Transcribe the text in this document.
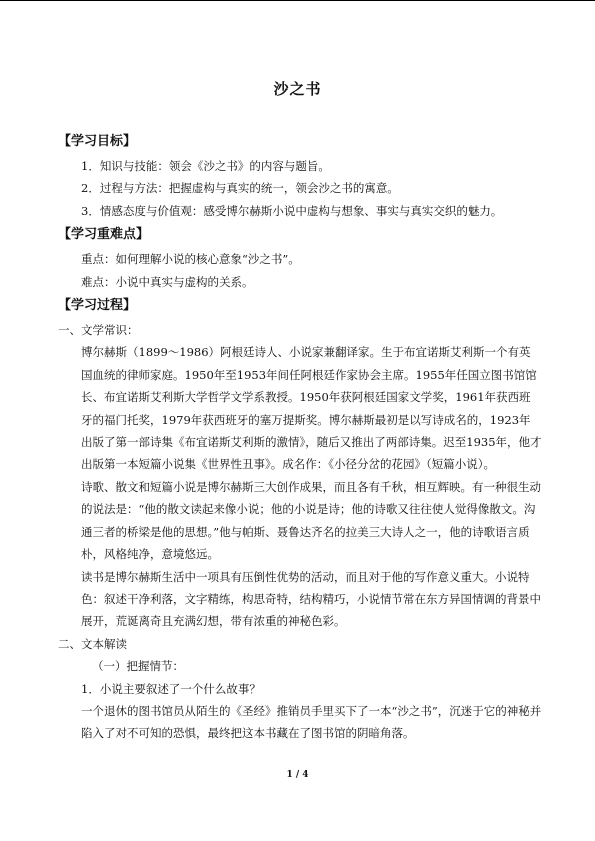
沙之书

【学习目标】

1．知识与技能：领会《沙之书》的内容与题旨。

2．过程与方法：把握虚构与真实的统一，领会沙之书的寓意。

3．情感态度与价值观：感受博尔赫斯小说中虚构与想象、事实与真实交织的魅力。

【学习重难点】

重点：如何理解小说的核心意象“沙之书”。

难点：小说中真实与虚构的关系。

【学习过程】

一、文学常识：

博尔赫斯（1899～1986）阿根廷诗人、小说家兼翻译家。生于布宜诺斯艾利斯一个有英国血统的律师家庭。1950年至1953年间任阿根廷作家协会主席。1955年任国立图书馆馆长、布宜诺斯艾利斯大学哲学文学系教授。1950年获阿根廷国家文学奖，1961年获西班牙的福门托奖，1979年获西班牙的塞万提斯奖。博尔赫斯最初是以写诗成名的，1923年出版了第一部诗集《布宜诺斯艾利斯的激情》，随后又推出了两部诗集。迟至1935年，他才出版第一本短篇小说集《世界性丑事》。成名作：《小径分岔的花园》（短篇小说）。

诗歌、散文和短篇小说是博尔赫斯三大创作成果，而且各有千秋，相互辉映。有一种很生动的说法是：“他的散文读起来像小说；他的小说是诗；他的诗歌又往往使人觉得像散文。沟通三者的桥梁是他的思想。”他与帕斯、聂鲁达齐名的拉美三大诗人之一，他的诗歌语言质朴，风格纯净，意境悠远。

读书是博尔赫斯生活中一项具有压倒性优势的活动，而且对于他的写作意义重大。小说特色：叙述干净利落，文字精练，构思奇特，结构精巧，小说情节常在东方异国情调的背景中展开，荒诞离奇且充满幻想，带有浓重的神秘色彩。

二、文本解读

（一）把握情节：

1．小说主要叙述了一个什么故事？

一个退休的图书馆员从陌生的《圣经》推销员手里买下了一本“沙之书”，沉迷于它的神秘并陷入了对不可知的恐惧，最终把这本书藏在了图书馆的阴暗角落。

1 / 4
